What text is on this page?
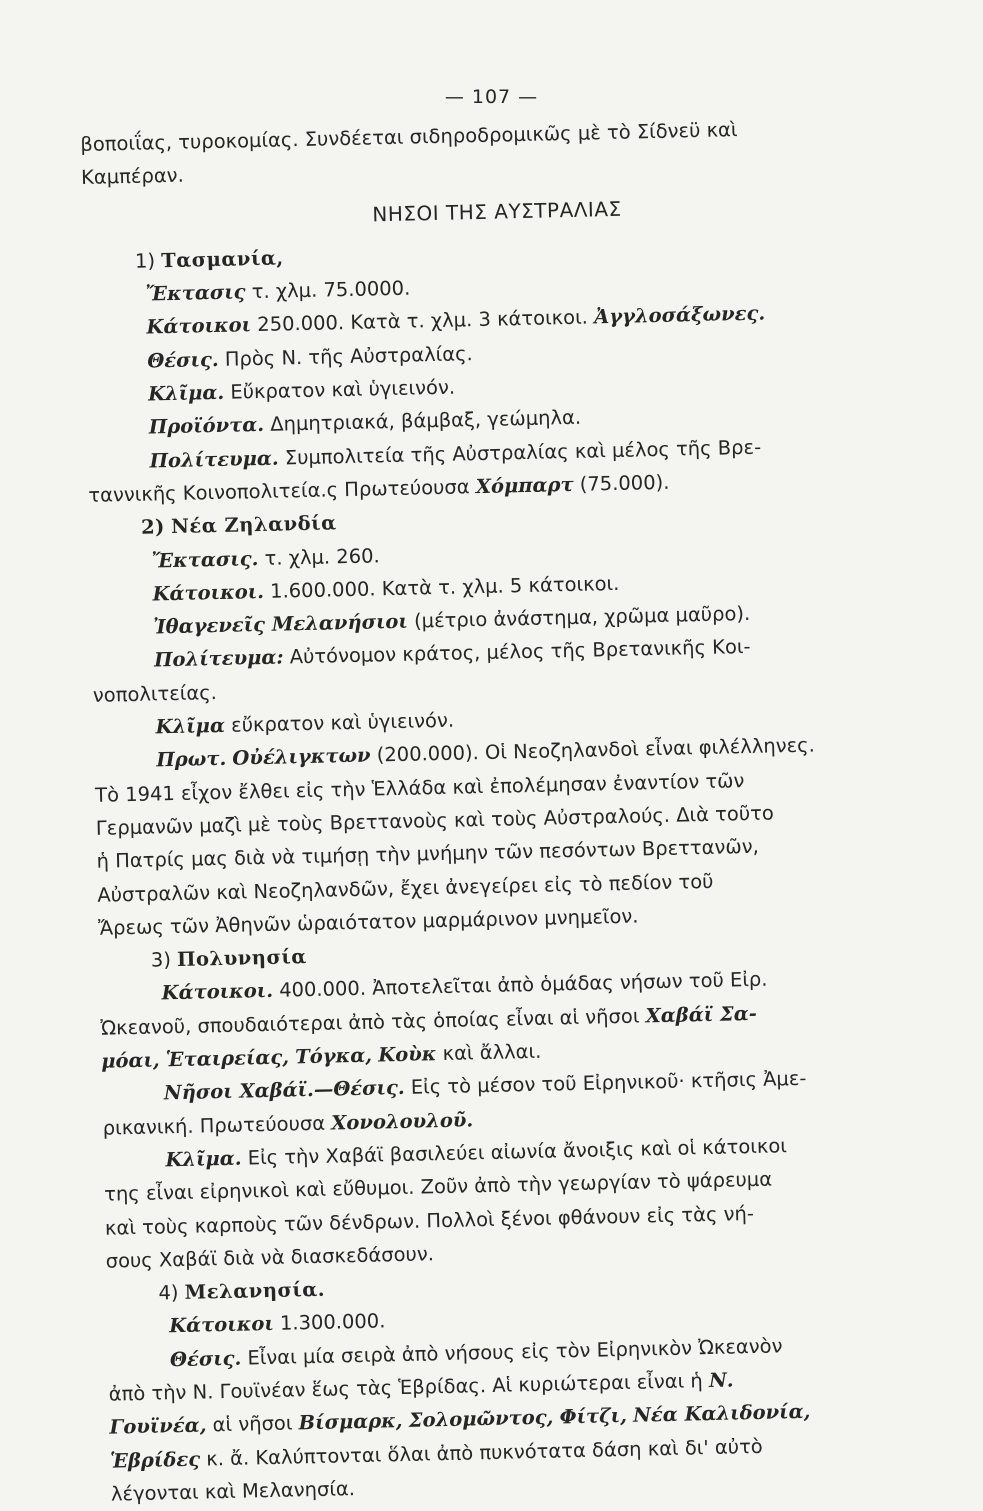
— 107 —
βοποιΐας, τυροκομίας. Συνδέεται σιδηροδρομικῶς μὲ τὸ Σίδνεϋ καὶ
Καμπέραν.
ΝΗΣΟΙ ΤΗΣ ΑΥΣΤΡΑΛΙΑΣ
1) Τασμανία,
Ἔκτασις τ. χλμ. 75.0000.
Κάτοικοι 250.000. Κατὰ τ. χλμ. 3 κάτοικοι. Ἀγγλοσάξωνες.
Θέσις. Πρὸς Ν. τῆς Αὐστραλίας.
Κλῖμα. Εὔκρατον καὶ ὑγιεινόν.
Προϊόντα. Δημητριακά, βάμβαξ, γεώμηλα.
Πολίτευμα. Συμπολιτεία τῆς Αὐστραλίας καὶ μέλος τῆς Βρε-
ταννικῆς Κοινοπολιτεία.ς Πρωτεύουσα Χόμπαρτ (75.000).
2) Νέα Ζηλανδία
Ἔκτασις. τ. χλμ. 260.
Κάτοικοι. 1.600.000. Κατὰ τ. χλμ. 5 κάτοικοι.
Ἰθαγενεῖς Μελανήσιοι (μέτριο ἀνάστημα, χρῶμα μαῦρο).
Πολίτευμα: Αὐτόνομον κράτος, μέλος τῆς Βρετανικῆς Κοι-
νοπολιτείας.
Κλῖμα εὔκρατον καὶ ὑγιεινόν.
Πρωτ. Οὐέλιγκτων (200.000). Οἱ Νεοζηλανδοὶ εἶναι φιλέλληνες.
Τὸ 1941 εἶχον ἔλθει εἰς τὴν Ἑλλάδα καὶ ἐπολέμησαν ἐναντίον τῶν
Γερμανῶν μαζὶ μὲ τοὺς Βρεττανοὺς καὶ τοὺς Αὐστραλούς. Διὰ τοῦτο
ἡ Πατρίς μας διὰ νὰ τιμήσῃ τὴν μνήμην τῶν πεσόντων Βρεττανῶν,
Αὐστραλῶν καὶ Νεοζηλανδῶν, ἔχει ἀνεγείρει εἰς τὸ πεδίον τοῦ
Ἄρεως τῶν Ἀθηνῶν ὡραιότατον μαρμάρινον μνημεῖον.
3) Πολυνησία
Κάτοικοι. 400.000. Ἀποτελεῖται ἀπὸ ὁμάδας νήσων τοῦ Εἰρ.
Ὠκεανοῦ, σπουδαιότεραι ἀπὸ τὰς ὁποίας εἶναι αἱ νῆσοι Χαβάϊ Σα-
μόαι, Ἑταιρείας, Τόγκα, Κοὺκ καὶ ἄλλαι.
Νῆσοι Χαβάϊ.—Θέσις. Εἰς τὸ μέσον τοῦ Εἰρηνικοῦ· κτῆσις Ἀμε-
ρικανική. Πρωτεύουσα Χονολουλοῦ.
Κλῖμα. Εἰς τὴν Χαβάϊ βασιλεύει αἰωνία ἄνοιξις καὶ οἱ κάτοικοι
της εἶναι εἰρηνικοὶ καὶ εὔθυμοι. Ζοῦν ἀπὸ τὴν γεωργίαν τὸ ψάρευμα
καὶ τοὺς καρποὺς τῶν δένδρων. Πολλοὶ ξένοι φθάνουν εἰς τὰς νή-
σους Χαβάϊ διὰ νὰ διασκεδάσουν.
4) Μελανησία.
Κάτοικοι 1.300.000.
Θέσις. Εἶναι μία σειρὰ ἀπὸ νήσους εἰς τὸν Εἰρηνικὸν Ὠκεανὸν
ἀπὸ τὴν Ν. Γουϊνέαν ἕως τὰς Ἑβρίδας. Αἱ κυριώτεραι εἶναι ἡ Ν.
Γουϊνέα, αἱ νῆσοι Βίσμαρκ, Σολομῶντος, Φίτζι, Νέα Καλιδονία,
Ἑβρίδες κ. ἄ. Καλύπτονται ὅλαι ἀπὸ πυκνότατα δάση καὶ δι' αὐτὸ
λέγονται καὶ Μελανησία.
